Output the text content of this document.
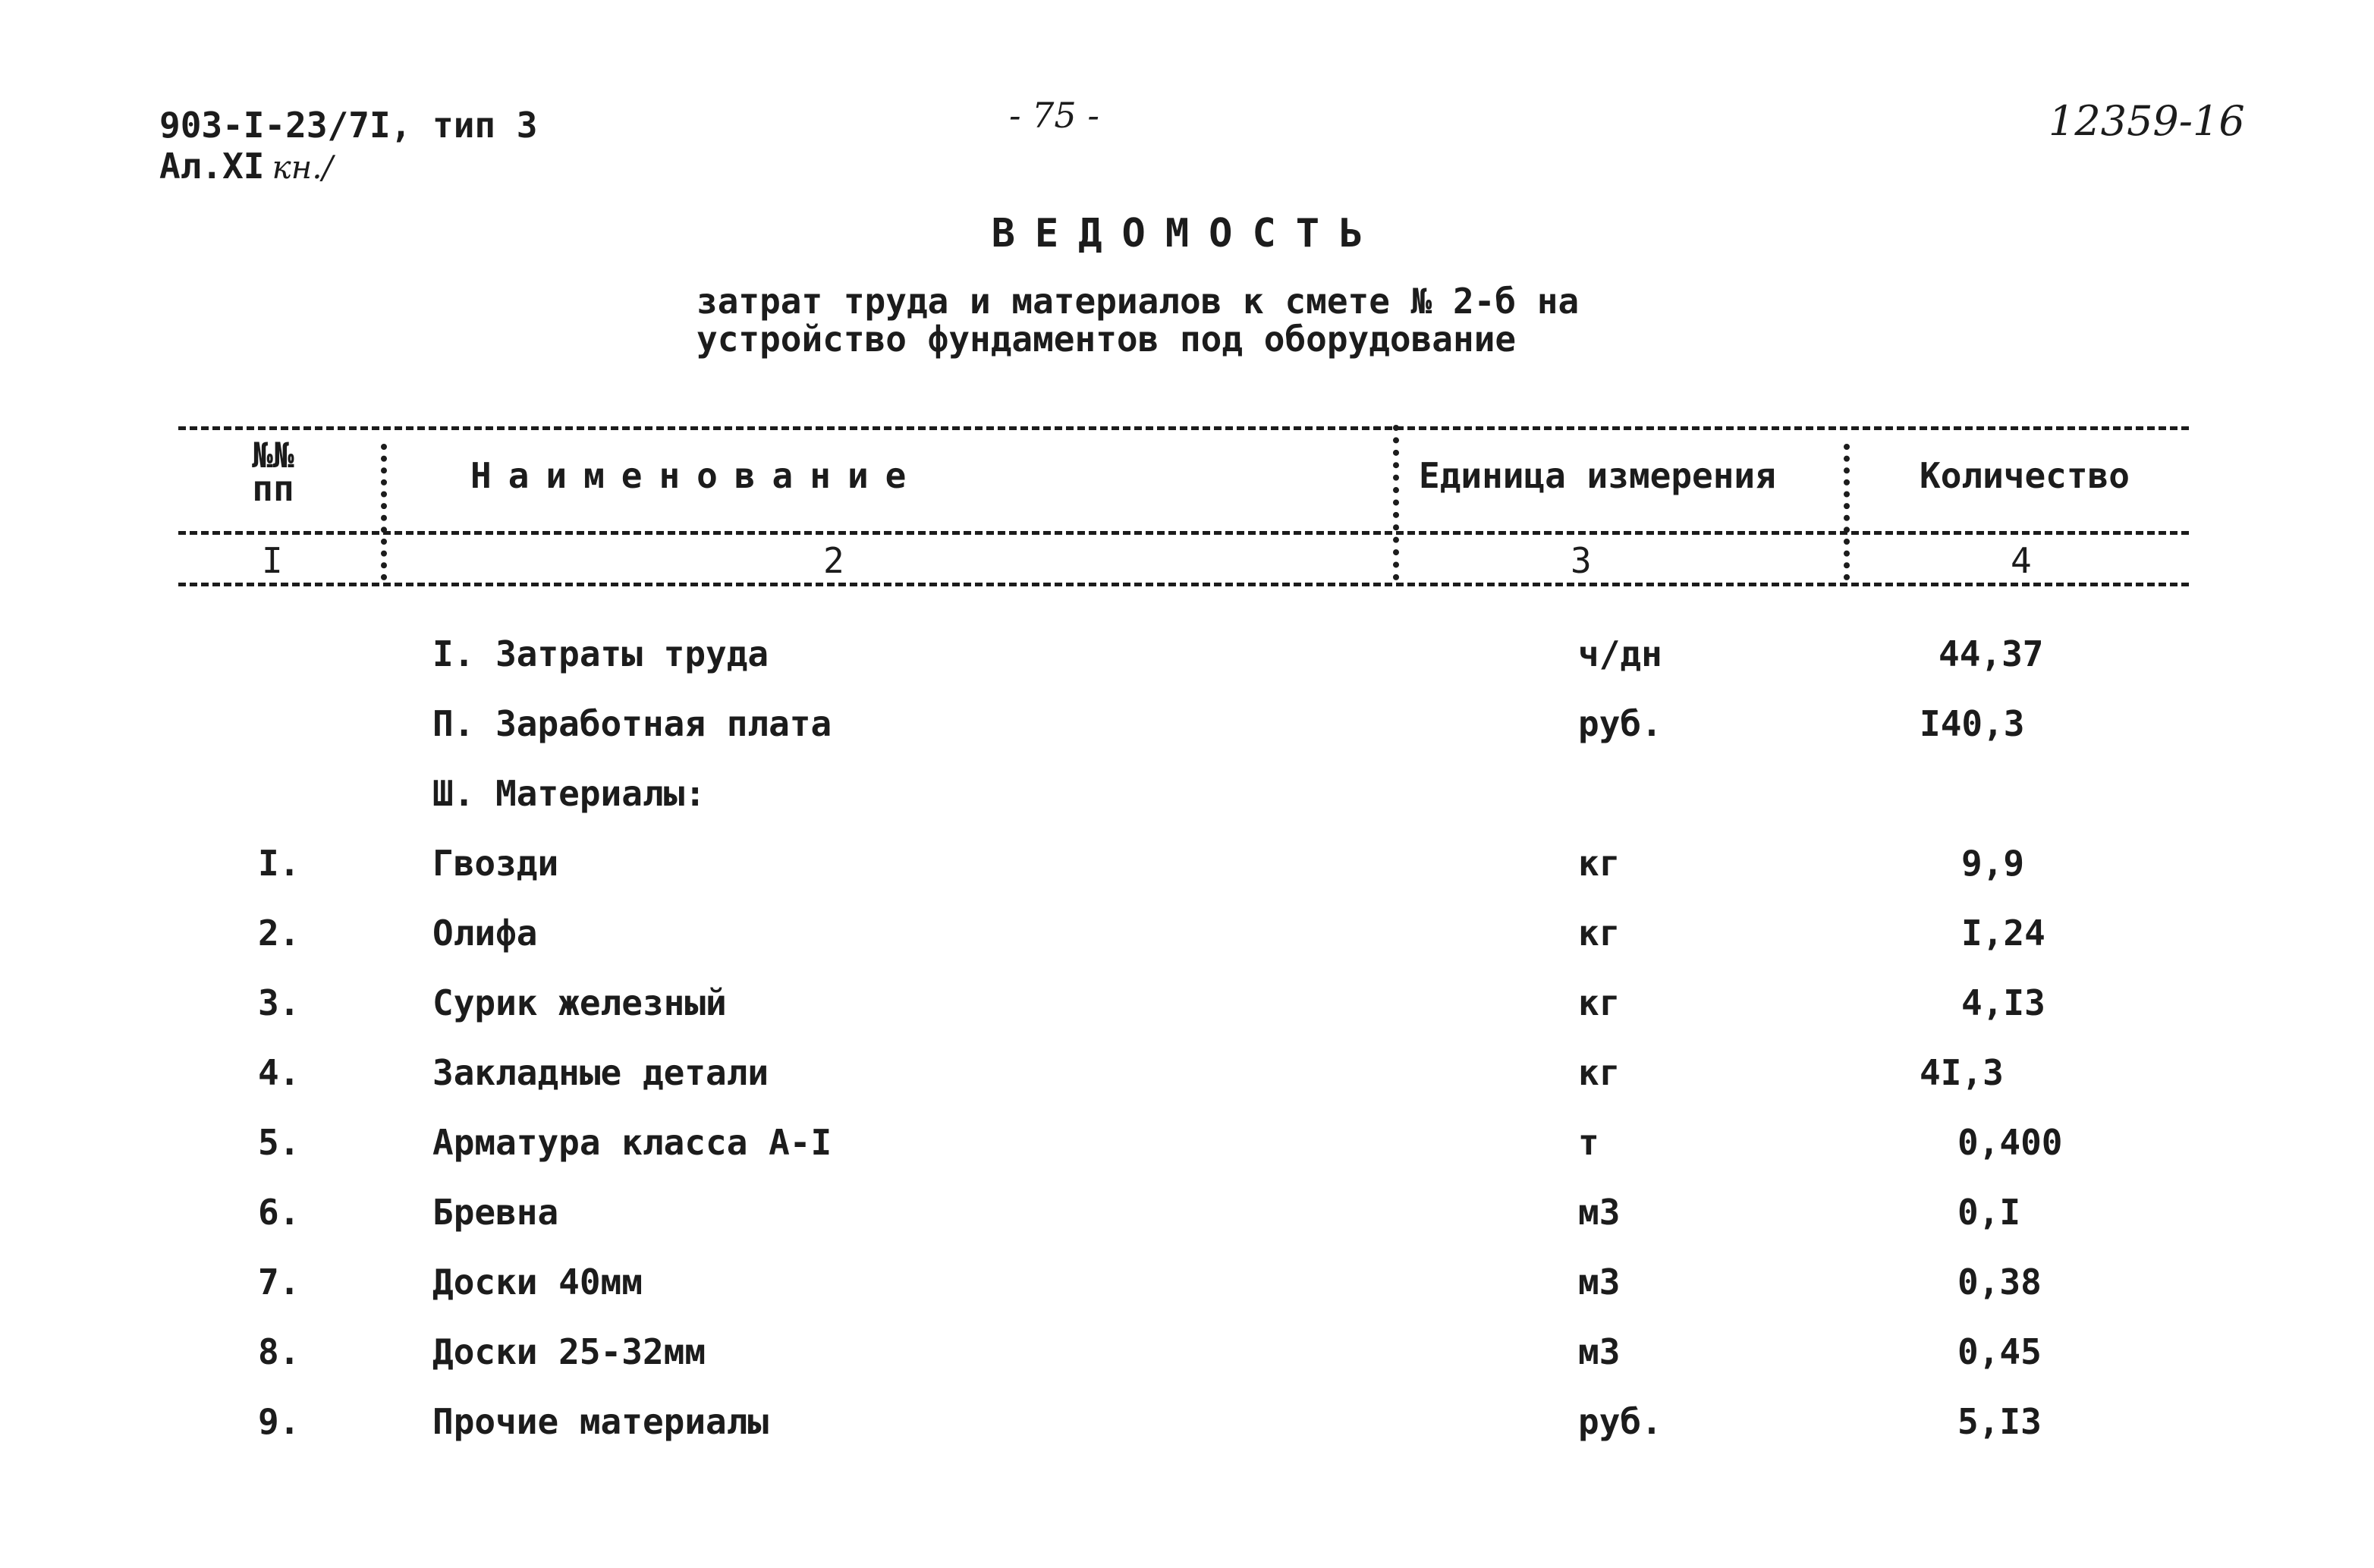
903-I-23/7I, тип 3
Ал.XI кн./
- 75 -	12359-16
ВЕДОМОСТЬ
затрат труда и материалов к смете № 2-б на
устройство фундаментов под оборудование
№№
пп	Наименование	Единица измерения	Количество
I	2	3	4
I. Затраты труда	ч/дн	44,37
П. Заработная плата	руб.	I40,3
Ш. Материалы:
I.	Гвозди	кг	9,9
2.	Олифа	кг	I,24
3.	Сурик железный	кг	4,I3
4.	Закладные детали	кг	4I,3
5.	Арматура класса A-I	т	0,400
6.	Бревна	м3	0,I
7.	Доски 40мм	м3	0,38
8.	Доски 25-32мм	м3	0,45
9.	Прочие материалы	руб.	5,I3
